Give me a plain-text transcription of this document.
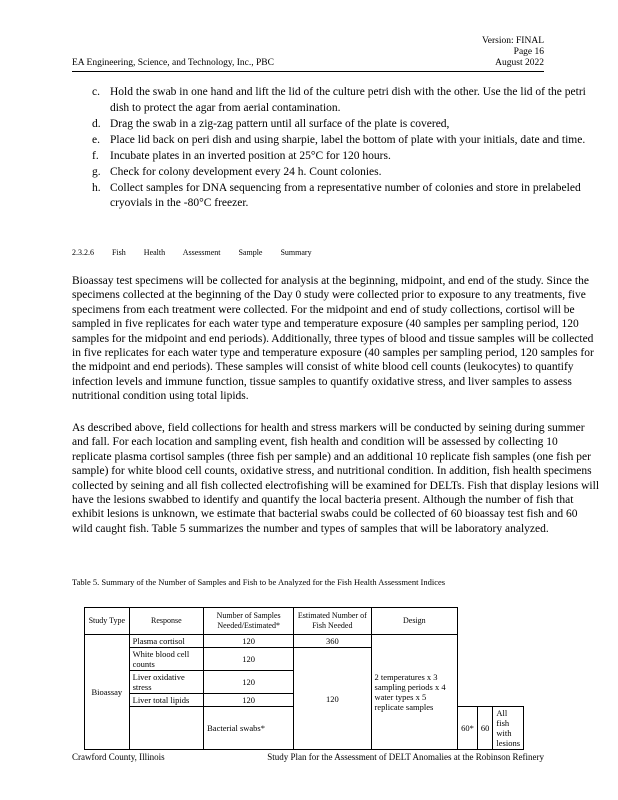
Version: FINAL
Page 16
August 2022
EA Engineering, Science, and Technology, Inc., PBC
c. Hold the swab in one hand and lift the lid of the culture petri dish with the other. Use the lid of the petri dish to protect the agar from aerial contamination.
d. Drag the swab in a zig-zag pattern until all surface of the plate is covered,
e. Place lid back on peri dish and using sharpie, label the bottom of plate with your initials, date and time.
f. Incubate plates in an inverted position at 25°C for 120 hours.
g. Check for colony development every 24 h. Count colonies.
h. Collect samples for DNA sequencing from a representative number of colonies and store in prelabeled cryovials in the -80°C freezer.
2.3.2.6 Fish Health Assessment Sample Summary

Bioassay test specimens will be collected for analysis at the beginning, midpoint, and end of the study. Since the specimens collected at the beginning of the Day 0 study were collected prior to exposure to any treatments, five specimens from each treatment were collected. For the midpoint and end of study collections, cortisol will be sampled in five replicates for each water type and temperature exposure (40 samples per sampling period, 120 samples for the midpoint and end periods). Additionally, three types of blood and tissue samples will be collected in five replicates for each water type and temperature exposure (40 samples per sampling period, 120 samples for the midpoint and end periods). These samples will consist of white blood cell counts (leukocytes) to quantify infection levels and immune function, tissue samples to quantify oxidative stress, and liver samples to assess nutritional condition using total lipids.

As described above, field collections for health and stress markers will be conducted by seining during summer and fall. For each location and sampling event, fish health and condition will be assessed by collecting 10 replicate plasma cortisol samples (three fish per sample) and an additional 10 replicate fish samples (one fish per sample) for white blood cell counts, oxidative stress, and nutritional condition. In addition, fish health specimens collected by seining and all fish collected electrofishing will be examined for DELTs. Fish that display lesions will have the lesions swabbed to identify and quantify the local bacteria present. Although the number of fish that exhibit lesions is unknown, we estimate that bacterial swabs could be collected of 60 bioassay test fish and 60 wild caught fish. Table 5 summarizes the number and types of samples that will be laboratory analyzed.

Table 5. Summary of the Number of Samples and Fish to be Analyzed for the Fish Health Assessment Indices
Study Type	Response	Number of Samples Needed/Estimated*	Estimated Number of Fish Needed	Design			
Bioassay	Plasma cortisol	120	360	2 temperatures x 3 sampling periods x 4 water types x 5 replicate samples			
	White blood cell counts	120	120				
	Liver oxidative stress	120					
	Liver total lipids	120					
		Bacterial swabs*			60*	60	All fish with lesions
Crawford County, Illinois	Study Plan for the Assessment of DELT Anomalies at the Robinson Refinery
